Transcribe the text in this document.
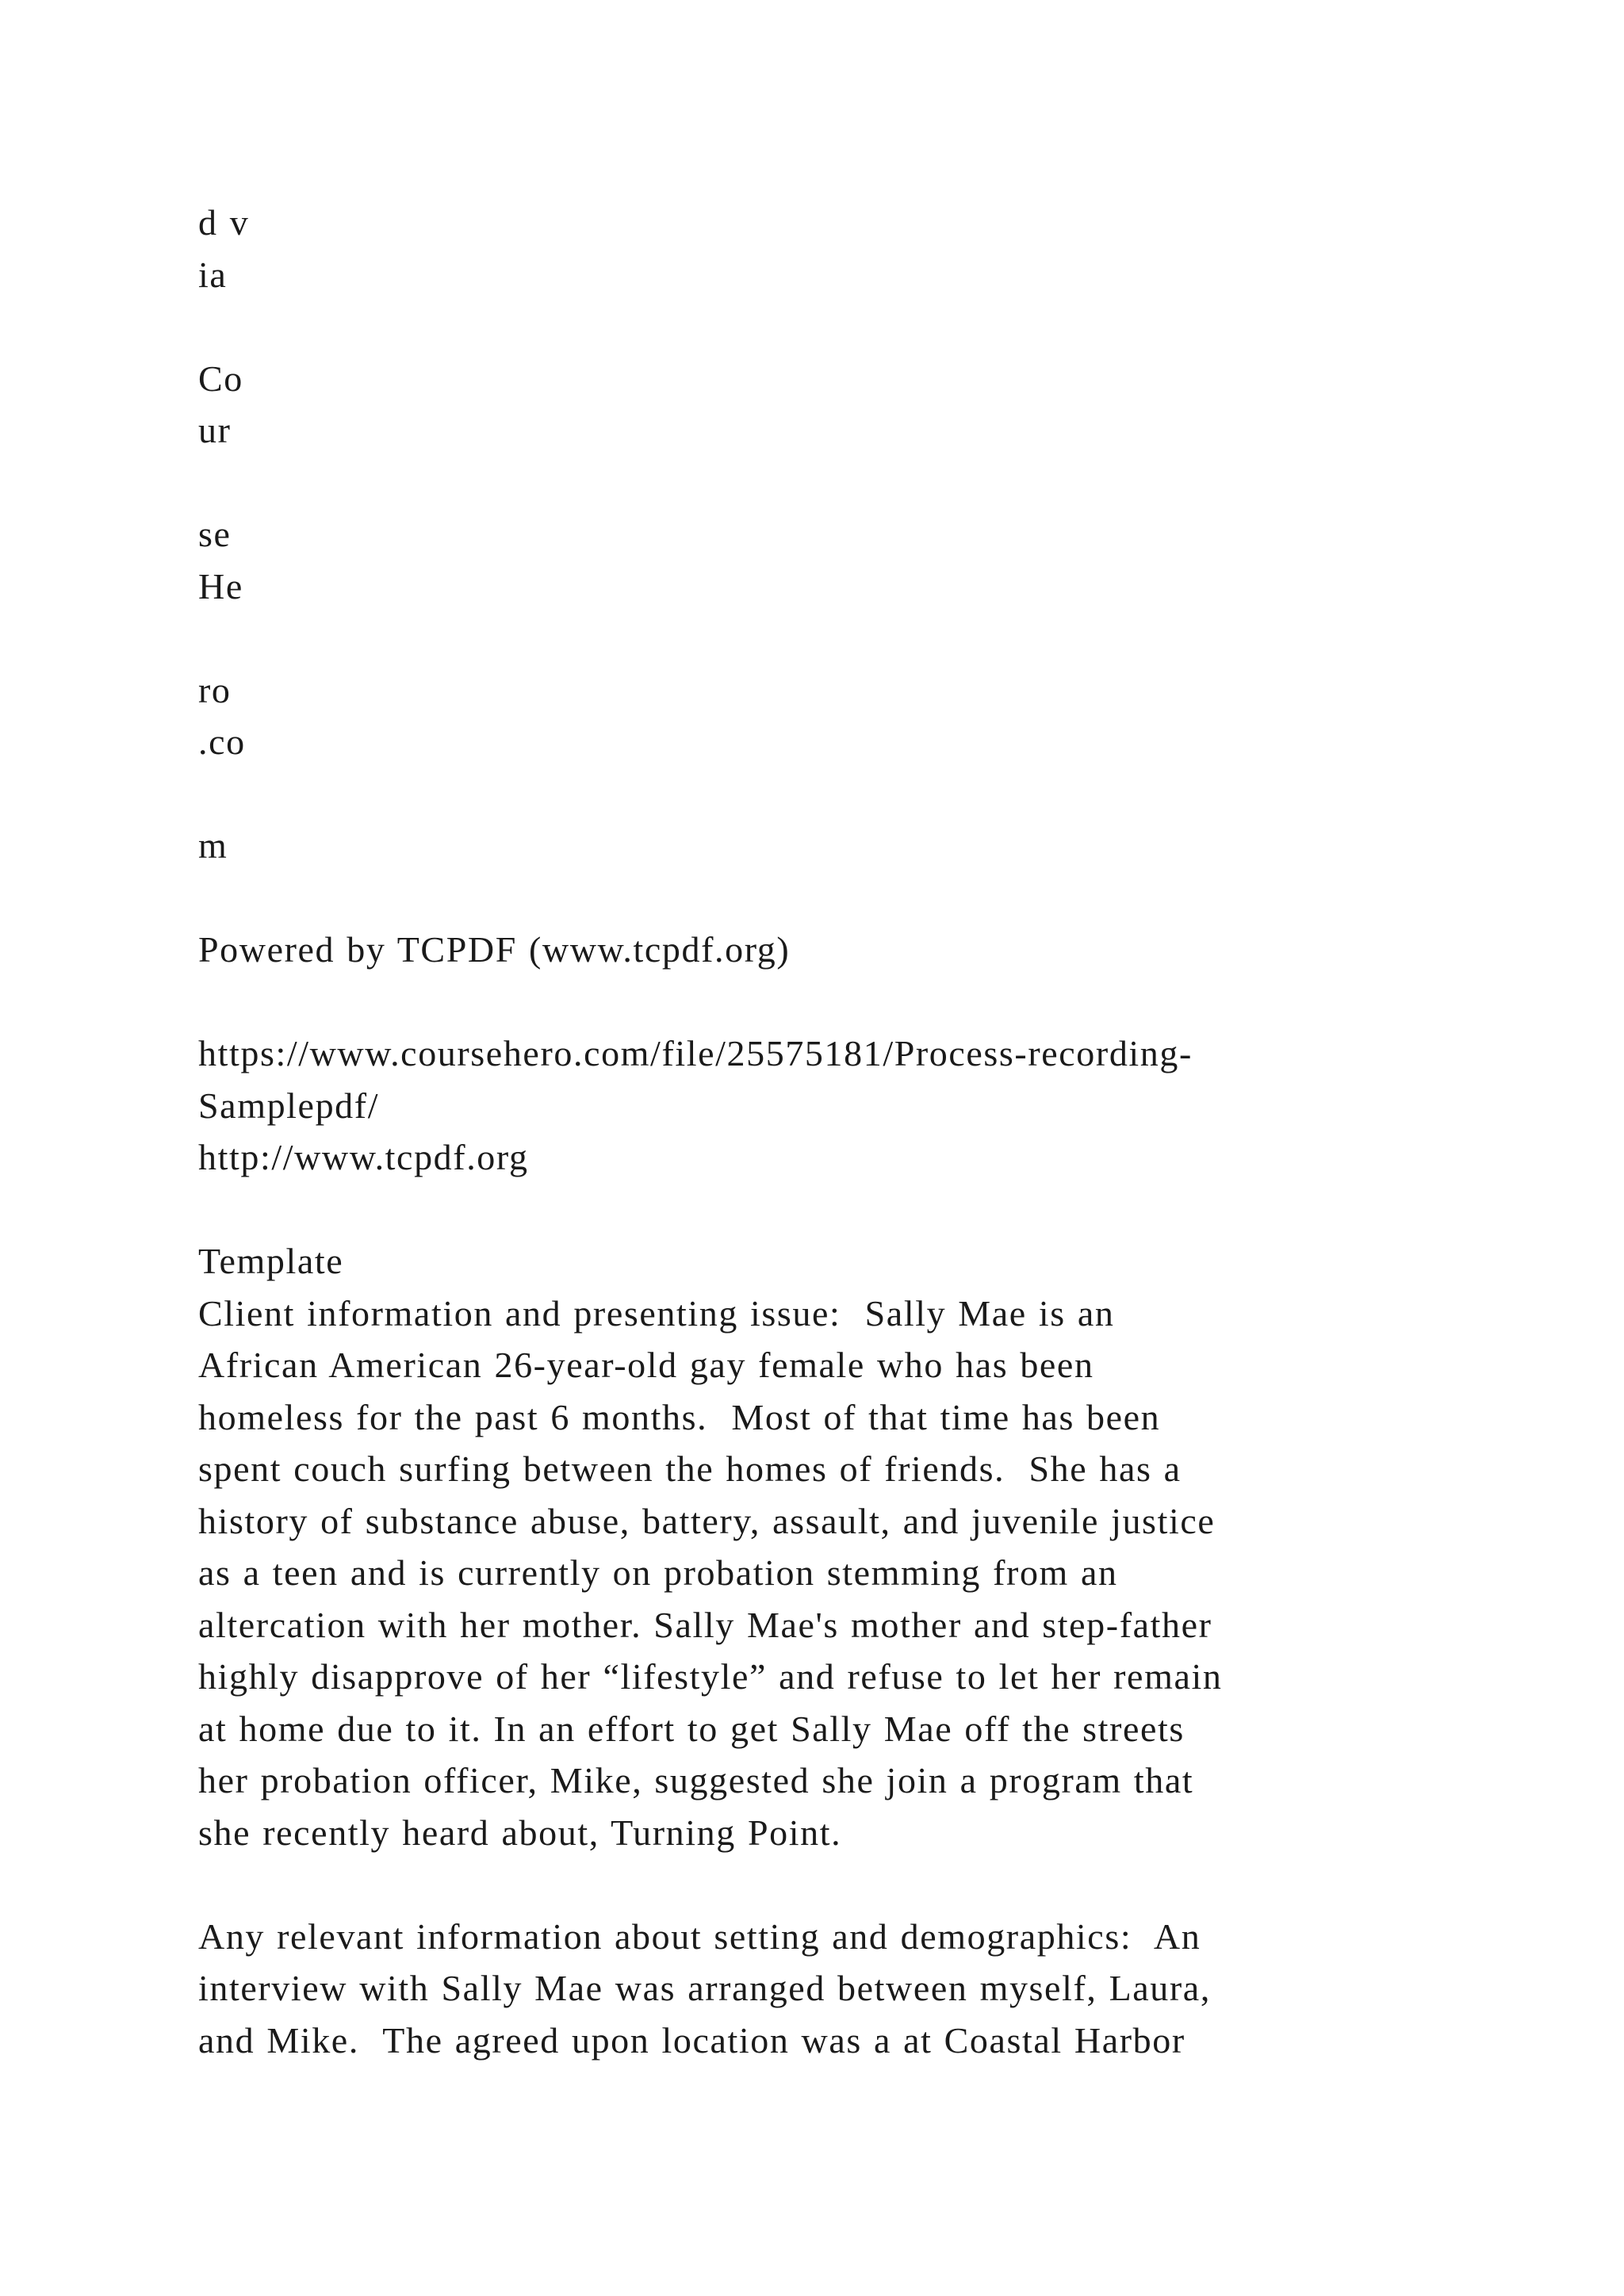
d v
ia
Co
ur
se
He
ro
.co
m
Powered by TCPDF (www.tcpdf.org)
https://www.coursehero.com/file/25575181/Process-recording-
Samplepdf/
http://www.tcpdf.org
Template
Client information and presenting issue:  Sally Mae is an
African American 26-year-old gay female who has been
homeless for the past 6 months.  Most of that time has been
spent couch surfing between the homes of friends.  She has a
history of substance abuse, battery, assault, and juvenile justice
as a teen and is currently on probation stemming from an
altercation with her mother. Sally Mae's mother and step-father
highly disapprove of her “lifestyle” and refuse to let her remain
at home due to it. In an effort to get Sally Mae off the streets
her probation officer, Mike, suggested she join a program that
she recently heard about, Turning Point.
Any relevant information about setting and demographics:  An
interview with Sally Mae was arranged between myself, Laura,
and Mike.  The agreed upon location was a at Coastal Harbor
